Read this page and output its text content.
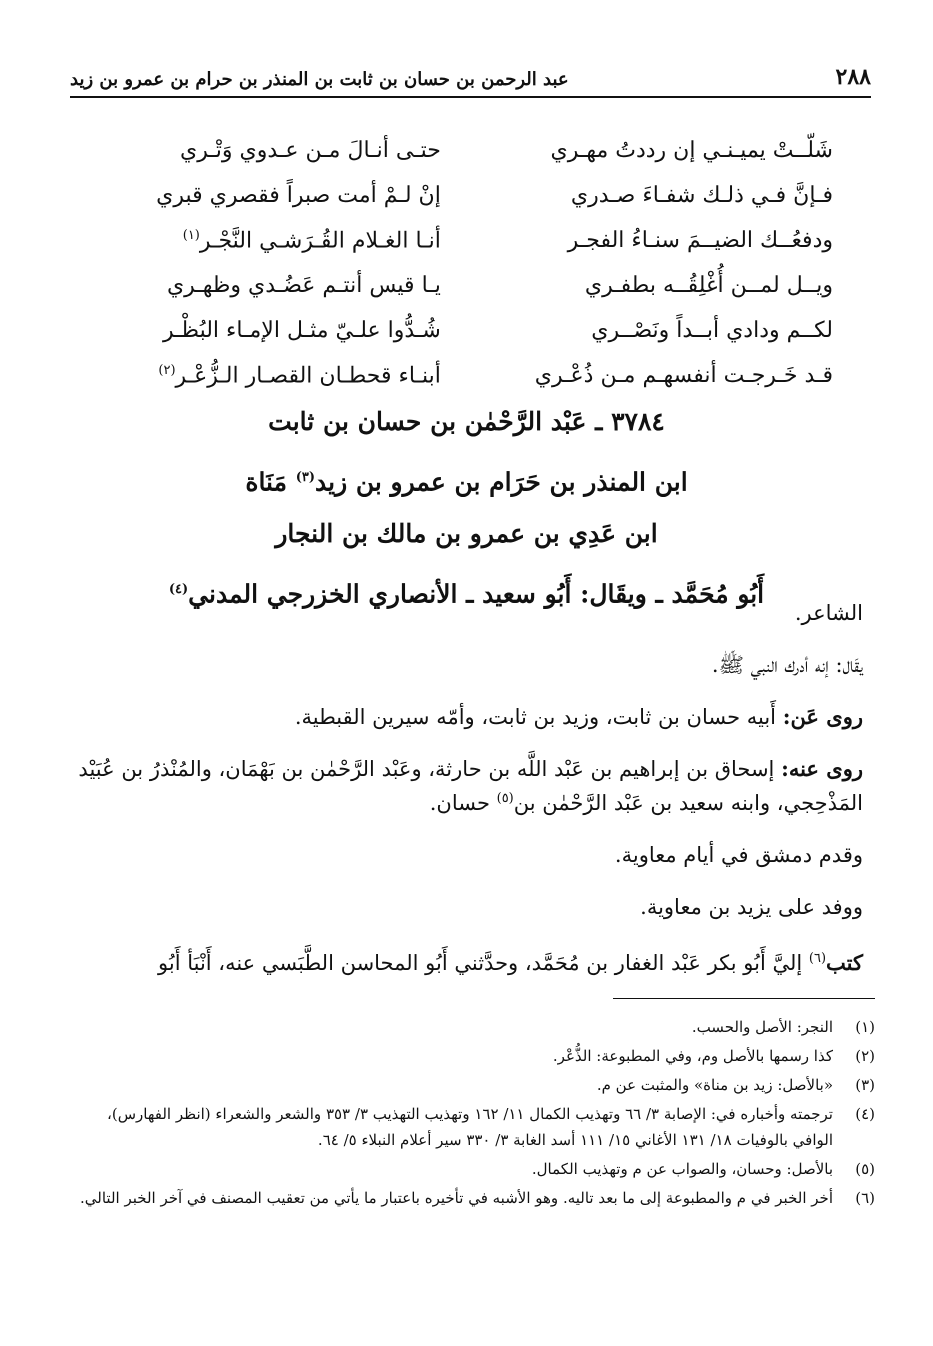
٢٨٨
عبد الرحمن بن حسان بن ثابت بن المنذر بن حرام بن عمرو بن زيد
شَلّــتْ يميـنـي إن رددتُ مهـري
حتـى أنـالَ مـن عـدوي وَتْـري
فـإنَّ فـي ذلـك شفـاءَ صـدري
إنْ لـمْ أمت صبراً فقصري قبري
ودفعُــك الضيــمَ سنـاءُ الفجـر
أنـا الغـلام القُـرَشـي النَّجْـر$^{(١)}$
ويــل لمــن أُغْلِقُــه بطفـري
يـا قيس أنتـم عَضُـدي وظهـري
لكــم ودادي أبــداً ونَصْــري
شُـدُّوا علـيّ مثـل الإمـاء البُظْـر
قـد خَـرجـت أنفسهـم مـن ذُعْـري
أبنـاء قحطـان القصـار الـزُّعْـر$^{(٢)}$
٣٧٨٤ ـ عَبْد الرَّحْمٰن بن حسان بن ثابت
ابن المنذر بن حَرَام بن عمرو بن زيد$^{(٣)}$ مَنَاة
ابن عَدِي بن عمرو بن مالك بن النجار
أَبُو مُحَمَّد ـ ويقَال: أَبُو سعيد ـ الأنصاري الخزرجي المدني$^{(٤)}$

الشاعر.

يقَال: إنه أدرك النبي ﷺ.

روى عَن: أَبيه حسان بن ثابت، وزيد بن ثابت، وأمّه سيرين القبطية.

روى عنه: إسحاق بن إبراهيم بن عَبْد اللَّه بن حارثة، وعَبْد الرَّحْمٰن بن بَهْمَان، والمُنْذرُ بن عُبَيْد المَذْحِجي، وابنه سعيد بن عَبْد الرَّحْمٰن بن$^{(٥)}$ حسان.

وقدم دمشق في أيام معاوية.

ووفد على يزيد بن معاوية.

كتب$^{(٦)}$ إليَّ أَبُو بكر عَبْد الغفار بن مُحَمَّد، وحدَّثني أَبُو المحاسن الطَّبَسي عنه، أَنْبَأ أَبُو

(١)
النجر: الأصل والحسب.
(٢)
كذا رسمها بالأصل وم، وفي المطبوعة: الذُّعْر.
(٣)
«بالأصل: زيد بن مناة» والمثبت عن م.
(٤)
ترجمته وأخباره في: الإصابة ٣/ ٦٦ وتهذيب الكمال ١١/ ١٦٢ وتهذيب التهذيب ٣/ ٣٥٣ والشعر والشعراء (انظر الفهارس)، الوافي بالوفيات ١٨/ ١٣١ الأغاني ١٥/ ١١١ أسد الغابة ٣/ ٣٣٠ سير أعلام النبلاء ٥/ ٦٤.
(٥)
بالأصل: وحسان، والصواب عن م وتهذيب الكمال.
(٦)
أخر الخبر في م والمطبوعة إلى ما بعد تاليه. وهو الأشبه في تأخيره باعتبار ما يأتي من تعقيب المصنف في آخر الخبر التالي.
